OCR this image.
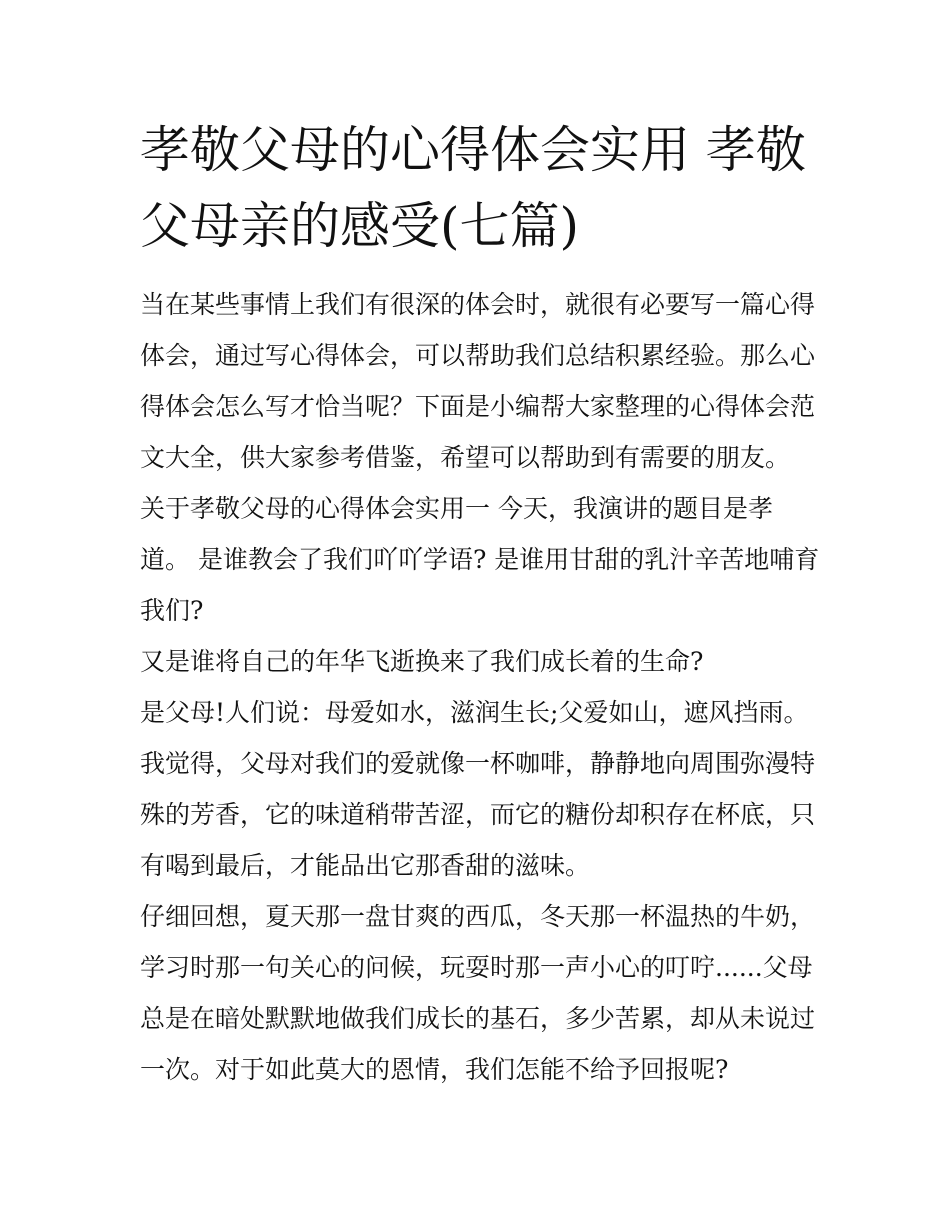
孝敬父母的心得体会实用 孝敬父母亲的感受(七篇)

当在某些事情上我们有很深的体会时，就很有必要写一篇心得体会，通过写心得体会，可以帮助我们总结积累经验。那么心得体会怎么写才恰当呢？下面是小编帮大家整理的心得体会范文大全，供大家参考借鉴，希望可以帮助到有需要的朋友。

关于孝敬父母的心得体会实用一 今天，我演讲的题目是孝道。 是谁教会了我们吖吖学语? 是谁用甘甜的乳汁辛苦地哺育我们?

又是谁将自己的年华飞逝换来了我们成长着的生命?

是父母!人们说：母爱如水，滋润生长;父爱如山，遮风挡雨。

我觉得，父母对我们的爱就像一杯咖啡，静静地向周围弥漫特殊的芳香，它的味道稍带苦涩，而它的糖份却积存在杯底，只有喝到最后，才能品出它那香甜的滋味。

仔细回想，夏天那一盘甘爽的西瓜，冬天那一杯温热的牛奶，学习时那一句关心的问候，玩耍时那一声小心的叮咛......父母总是在暗处默默地做我们成长的基石，多少苦累，却从未说过一次。对于如此莫大的恩情，我们怎能不给予回报呢?
